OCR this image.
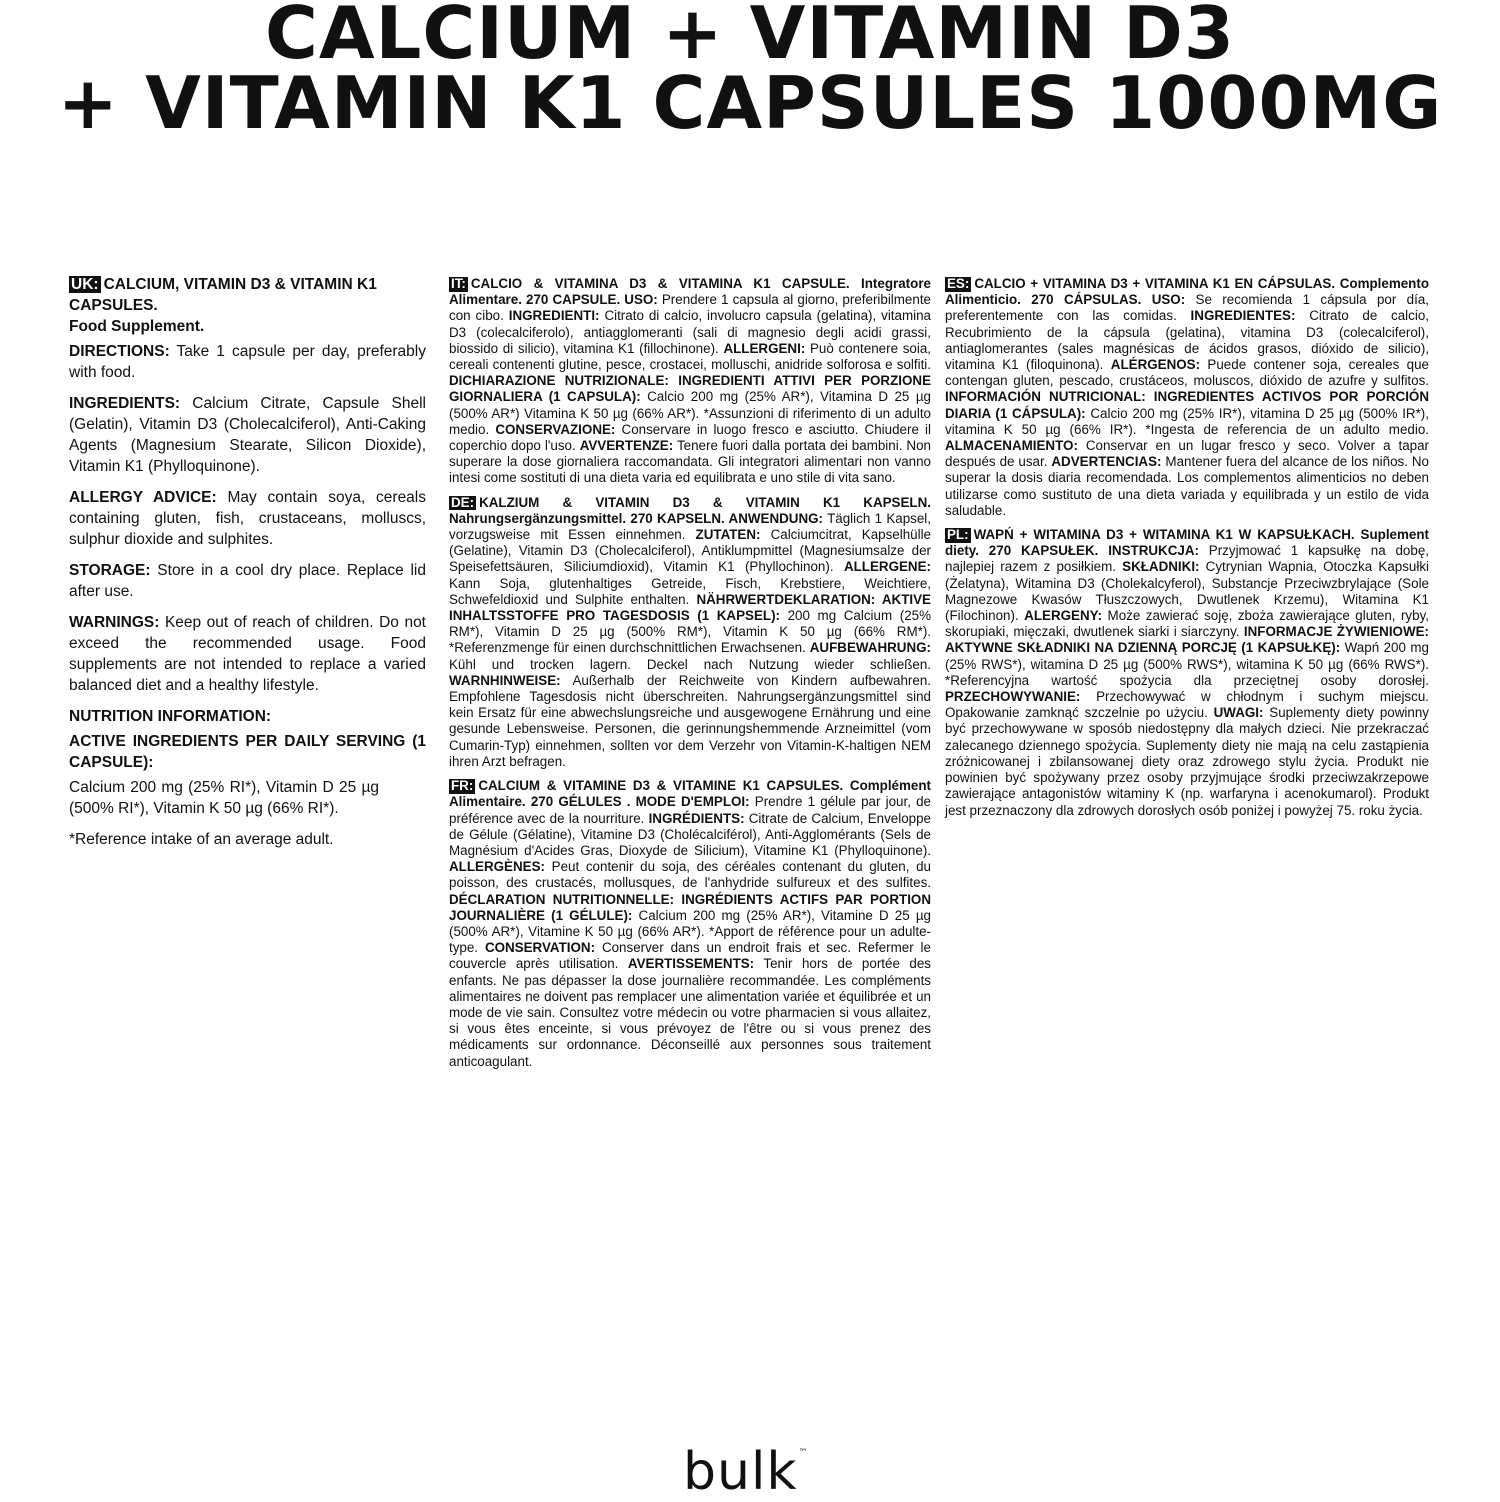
CALCIUM + VITAMIN D3
+ VITAMIN K1 CAPSULES 1000MG

UK: CALCIUM, VITAMIN D3 & VITAMIN K1 CAPSULES.
Food Supplement.

DIRECTIONS: Take 1 capsule per day, preferably with food.

INGREDIENTS: Calcium Citrate, Capsule Shell (Gelatin), Vitamin D3 (Cholecalciferol), Anti-Caking Agents (Magnesium Stearate, Silicon Dioxide), Vitamin K1 (Phylloquinone).

ALLERGY ADVICE: May contain soya, cereals containing gluten, fish, crustaceans, molluscs, sulphur dioxide and sulphites.

STORAGE: Store in a cool dry place. Replace lid after use.

WARNINGS: Keep out of reach of children. Do not exceed the recommended usage. Food supplements are not intended to replace a varied balanced diet and a healthy lifestyle.

NUTRITION INFORMATION:

ACTIVE INGREDIENTS PER DAILY SERVING (1 CAPSULE):

Calcium 200 mg (25% RI*), Vitamin D 25 µg (500% RI*), Vitamin K 50 µg (66% RI*).

*Reference intake of an average adult.

IT: CALCIO & VITAMINA D3 & VITAMINA K1 CAPSULE. Integratore Alimentare. 270 CAPSULE. USO: Prendere 1 capsula al giorno, preferibilmente con cibo. INGREDIENTI: Citrato di calcio, involucro capsula (gelatina), vitamina D3 (colecalciferolo), antiagglomeranti (sali di magnesio degli acidi grassi, biossido di silicio), vitamina K1 (fillochinone). ALLERGENI: Può contenere soia, cereali contenenti glutine, pesce, crostacei, molluschi, anidride solforosa e solfiti. DICHIARAZIONE NUTRIZIONALE: INGREDIENTI ATTIVI PER PORZIONE GIORNALIERA (1 CAPSULA): Calcio 200 mg (25% AR*), Vitamina D 25 µg (500% AR*) Vitamina K 50 µg (66% AR*). *Assunzioni di riferimento di un adulto medio. CONSERVAZIONE: Conservare in luogo fresco e asciutto. Chiudere il coperchio dopo l'uso. AVVERTENZE: Tenere fuori dalla portata dei bambini. Non superare la dose giornaliera raccomandata. Gli integratori alimentari non vanno intesi come sostituti di una dieta varia ed equilibrata e uno stile di vita sano.

DE: KALZIUM & VITAMIN D3 & VITAMIN K1 KAPSELN. Nahrungsergänzungsmittel. 270 KAPSELN. ANWENDUNG: Täglich 1 Kapsel, vorzugsweise mit Essen einnehmen. ZUTATEN: Calciumcitrat, Kapselhülle (Gelatine), Vitamin D3 (Cholecalciferol), Antiklumpmittel (Magnesiumsalze der Speisefettsäuren, Siliciumdioxid), Vitamin K1 (Phyllochinon). ALLERGENE: Kann Soja, glutenhaltiges Getreide, Fisch, Krebstiere, Weichtiere, Schwefeldioxid und Sulphite enthalten. NÄHRWERTDEKLARATION: AKTIVE INHALTSSTOFFE PRO TAGESDOSIS (1 KAPSEL): 200 mg Calcium (25% RM*), Vitamin D 25 µg (500% RM*), Vitamin K 50 µg (66% RM*). *Referenzmenge für einen durchschnittlichen Erwachsenen. AUFBEWAHRUNG: Kühl und trocken lagern. Deckel nach Nutzung wieder schließen. WARNHINWEISE: Außerhalb der Reichweite von Kindern aufbewahren. Empfohlene Tagesdosis nicht überschreiten. Nahrungsergänzungsmittel sind kein Ersatz für eine abwechslungsreiche und ausgewogene Ernährung und eine gesunde Lebensweise. Personen, die gerinnungshemmende Arzneimittel (vom Cumarin-Typ) einnehmen, sollten vor dem Verzehr von Vitamin-K-haltigen NEM ihren Arzt befragen.

FR: CALCIUM & VITAMINE D3 & VITAMINE K1 CAPSULES. Complément Alimentaire. 270 GÉLULES . MODE D'EMPLOI: Prendre 1 gélule par jour, de préférence avec de la nourriture. INGRÉDIENTS: Citrate de Calcium, Enveloppe de Gélule (Gélatine), Vitamine D3 (Cholécalciférol), Anti-Agglomérants (Sels de Magnésium d'Acides Gras, Dioxyde de Silicium), Vitamine K1 (Phylloquinone). ALLERGÈNES: Peut contenir du soja, des céréales contenant du gluten, du poisson, des crustacés, mollusques, de l'anhydride sulfureux et des sulfites. DÉCLARATION NUTRITIONNELLE: INGRÉDIENTS ACTIFS PAR PORTION JOURNALIÈRE (1 GÉLULE): Calcium 200 mg (25% AR*), Vitamine D 25 µg (500% AR*), Vitamine K 50 µg (66% AR*). *Apport de référence pour un adulte-type. CONSERVATION: Conserver dans un endroit frais et sec. Refermer le couvercle après utilisation. AVERTISSEMENTS: Tenir hors de portée des enfants. Ne pas dépasser la dose journalière recommandée. Les compléments alimentaires ne doivent pas remplacer une alimentation variée et équilibrée et un mode de vie sain. Consultez votre médecin ou votre pharmacien si vous allaitez, si vous êtes enceinte, si vous prévoyez de l'être ou si vous prenez des médicaments sur ordonnance. Déconseillé aux personnes sous traitement anticoagulant.

ES: CALCIO + VITAMINA D3 + VITAMINA K1 EN CÁPSULAS. Complemento Alimenticio. 270 CÁPSULAS. USO: Se recomienda 1 cápsula por día, preferentemente con las comidas. INGREDIENTES: Citrato de calcio, Recubrimiento de la cápsula (gelatina), vitamina D3 (colecalciferol), antiaglomerantes (sales magnésicas de ácidos grasos, dióxido de silicio), vitamina K1 (filoquinona). ALÉRGENOS: Puede contener soja, cereales que contengan gluten, pescado, crustáceos, moluscos, dióxido de azufre y sulfitos. INFORMACIÓN NUTRICIONAL: INGREDIENTES ACTIVOS POR PORCIÓN DIARIA (1 CÁPSULA): Calcio 200 mg (25% IR*), vitamina D 25 µg (500% IR*), vitamina K 50 µg (66% IR*). *Ingesta de referencia de un adulto medio. ALMACENAMIENTO: Conservar en un lugar fresco y seco. Volver a tapar después de usar. ADVERTENCIAS: Mantener fuera del alcance de los niños. No superar la dosis diaria recomendada. Los complementos alimenticios no deben utilizarse como sustituto de una dieta variada y equilibrada y un estilo de vida saludable.

PL: WAPŃ + WITAMINA D3 + WITAMINA K1 W KAPSUŁKACH. Suplement diety. 270 KAPSUŁEK. INSTRUKCJA: Przyjmować 1 kapsułkę na dobę, najlepiej razem z posiłkiem. SKŁADNIKI: Cytrynian Wapnia, Otoczka Kapsułki (Żelatyna), Witamina D3 (Cholekalcyferol), Substancje Przeciwzbrylające (Sole Magnezowe Kwasów Tłuszczowych, Dwutlenek Krzemu), Witamina K1 (Filochinon). ALERGENY: Może zawierać soję, zboża zawierające gluten, ryby, skorupiaki, mięczaki, dwutlenek siarki i siarczyny. INFORMACJE ŻYWIENIOWE: AKTYWNE SKŁADNIKI NA DZIENNĄ PORCJĘ (1 KAPSUŁKĘ): Wapń 200 mg (25% RWS*), witamina D 25 µg (500% RWS*), witamina K 50 µg (66% RWS*). *Referencyjna wartość spożycia dla przeciętnej osoby dorosłej. PRZECHOWYWANIE: Przechowywać w chłodnym i suchym miejscu. Opakowanie zamknąć szczelnie po użyciu. UWAGI: Suplementy diety powinny być przechowywane w sposób niedostępny dla małych dzieci. Nie przekraczać zalecanego dziennego spożycia. Suplementy diety nie mają na celu zastąpienia zróżnicowanej i zbilansowanej diety oraz zdrowego stylu życia. Produkt nie powinien być spożywany przez osoby przyjmujące środki przeciwzakrzepowe zawierające antagonistów witaminy K (np. warfaryna i acenokumarol). Produkt jest przeznaczony dla zdrowych dorosłych osób poniżej i powyżej 75. roku życia.

bulk™
